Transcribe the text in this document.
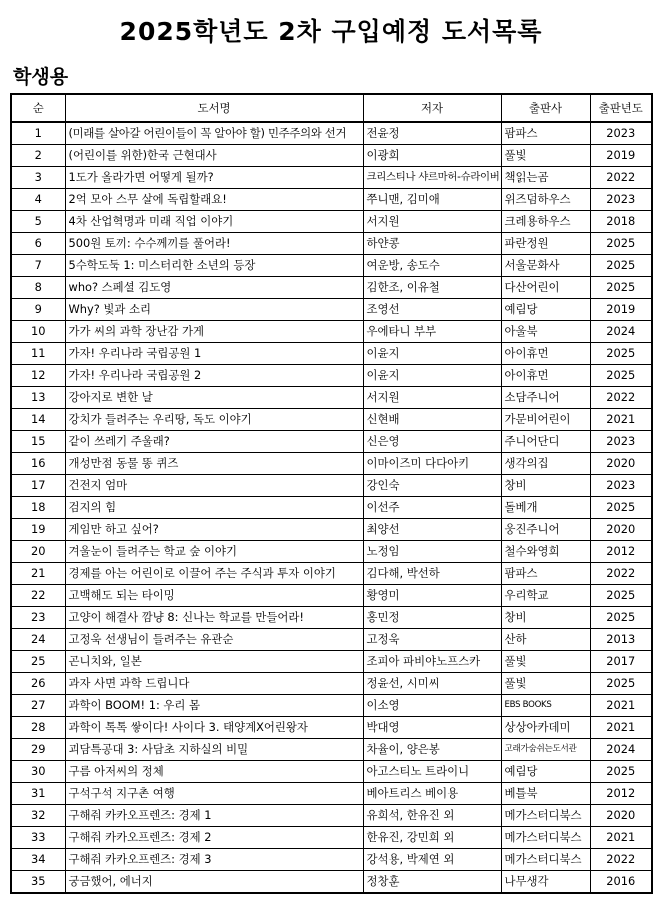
2025학년도 2차 구입예정 도서목록
학생용
순	도서명	저자	출판사	출판년도
1	(미래를 살아갈 어린이들이 꼭 알아야 할) 민주주의와 선거	전윤정	팜파스	2023
2	(어린이를 위한)한국 근현대사	이광희	풀빛	2019
3	1도가 올라가면 어떻게 될까?	크리스티나 샤르마허-슈라이버	책읽는곰	2022
4	2억 모아 스무 살에 독립할래요!	쭈니맨, 김미애	위즈덤하우스	2023
5	4차 산업혁명과 미래 직업 이야기	서지원	크레용하우스	2018
6	500원 토끼: 수수께끼를 풀어라!	하얀콩	파란정원	2025
7	5수학도둑 1: 미스터리한 소년의 등장	여운방, 송도수	서울문화사	2025
8	who? 스페셜 김도영	김한조, 이유철	다산어린이	2025
9	Why? 빛과 소리	조영선	예림당	2019
10	가가 씨의 과학 장난감 가게	우에타니 부부	아울북	2024
11	가자! 우리나라 국립공원 1	이윤지	아이휴먼	2025
12	가자! 우리나라 국립공원 2	이윤지	아이휴먼	2025
13	강아지로 변한 날	서지원	소담주니어	2022
14	강치가 들려주는 우리땅, 독도 이야기	신현배	가문비어린이	2021
15	같이 쓰레기 주울래?	신은영	주니어단디	2023
16	개성만점 동물 똥 퀴즈	이마이즈미 다다아키	생각의집	2020
17	건전지 엄마	강인숙	창비	2023
18	검지의 힘	이선주	돌베개	2025
19	게임만 하고 싶어?	최양선	웅진주니어	2020
20	겨울눈이 들려주는 학교 숲 이야기	노정임	철수와영희	2012
21	경제를 아는 어린이로 이끌어 주는 주식과 투자 이야기	김다해, 박선하	팜파스	2022
22	고백해도 되는 타이밍	황영미	우리학교	2025
23	고양이 해결사 깜냥 8: 신나는 학교를 만들어라!	홍민정	창비	2025
24	고정욱 선생님이 들려주는 유관순	고정욱	산하	2013
25	곤니치와, 일본	조피아 파비야노프스카	풀빛	2017
26	과자 사면 과학 드립니다	정윤선, 시미씨	풀빛	2025
27	과학이 BOOM! 1: 우리 몸	이소영	EBS BOOKS	2021
28	과학이 톡톡 쌓이다! 사이다 3. 태양계X어린왕자	박대영	상상아카데미	2021
29	괴담특공대 3: 사담초 지하실의 비밀	차율이, 양은봉	고래가숨쉬는도서관	2024
30	구름 아저씨의 정체	아고스티노 트라이니	예림당	2025
31	구석구석 지구촌 여행	베아트리스 베이용	베틀북	2012
32	구해줘 카카오프렌즈: 경제 1	유희석, 한유진 외	메가스터디북스	2020
33	구해줘 카카오프렌즈: 경제 2	한유진, 강민희 외	메가스터디북스	2021
34	구해줘 카카오프렌즈: 경제 3	강석용, 박제연 외	메가스터디북스	2022
35	궁금했어, 에너지	정창훈	나무생각	2016
